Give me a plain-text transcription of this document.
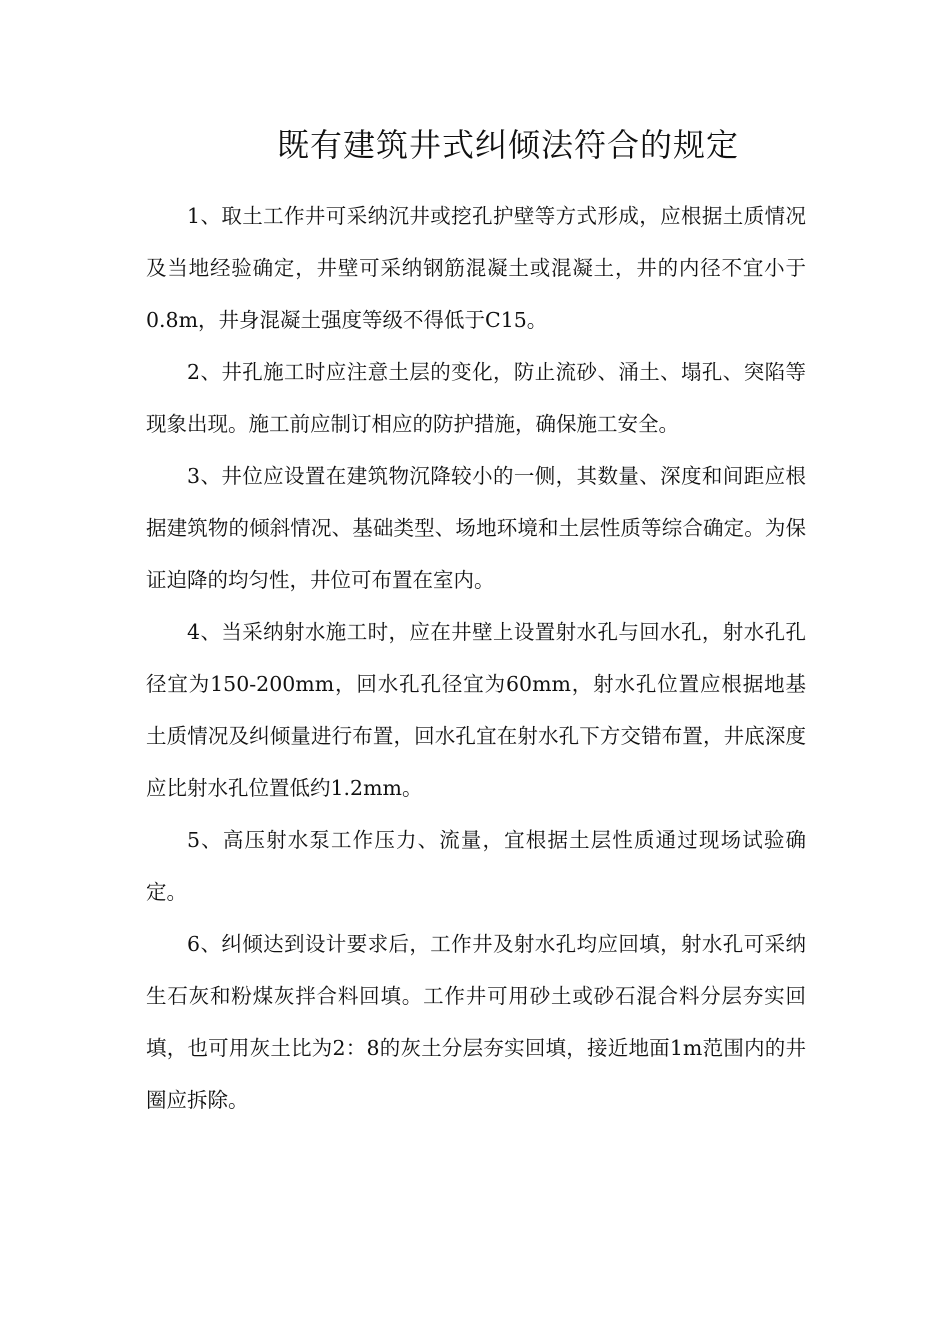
既有建筑井式纠倾法符合的规定

1、取土工作井可采纳沉井或挖孔护壁等方式形成，应根据土质情况及当地经验确定，井壁可采纳钢筋混凝土或混凝土，井的内径不宜小于0.8m，井身混凝土强度等级不得低于C15。

2、井孔施工时应注意土层的变化，防止流砂、涌土、塌孔、突陷等现象出现。施工前应制订相应的防护措施，确保施工安全。

3、井位应设置在建筑物沉降较小的一侧，其数量、深度和间距应根据建筑物的倾斜情况、基础类型、场地环境和土层性质等综合确定。为保证迫降的均匀性，井位可布置在室内。

4、当采纳射水施工时，应在井壁上设置射水孔与回水孔，射水孔孔径宜为150-200mm，回水孔孔径宜为60mm，射水孔位置应根据地基土质情况及纠倾量进行布置，回水孔宜在射水孔下方交错布置，井底深度应比射水孔位置低约1.2mm。

5、高压射水泵工作压力、流量，宜根据土层性质通过现场试验确定。

6、纠倾达到设计要求后，工作井及射水孔均应回填，射水孔可采纳生石灰和粉煤灰拌合料回填。工作井可用砂土或砂石混合料分层夯实回填，也可用灰土比为2：8的灰土分层夯实回填，接近地面1m范围内的井圈应拆除。
